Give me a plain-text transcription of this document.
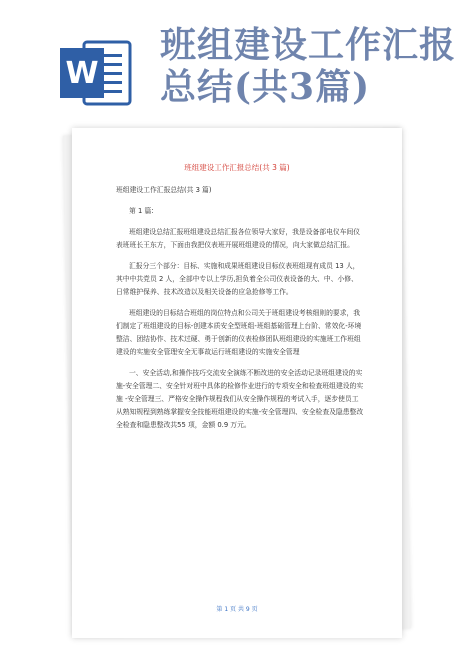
W
班组建设工作汇报
总结(共3篇)
班组建设工作汇报总结(共 3 篇)

班组建设工作汇报总结(共 3 篇)

第 1 篇:

班组建设总结汇报班组建设总结汇报各位领导大家好，我是设备部电仪车间仪表班班长王东方，下面由我把仪表班开展班组建设的情况，向大家做总结汇报。

汇报分三个部分：目标、实施和成果班组建设目标仪表班组现有成员 13 人，其中中共党员 2 人，全部中专以上学历,担负着全公司仪表设备的大、中、小修、日常维护保养、技术改造以及相关设备的应急抢修等工作。

班组建设的目标结合班组的岗位特点和公司关于班组建设考核细则的要求，我们制定了班组建设的目标-创建本质安全型班组-班组基础管理上台阶、常效化-环境整洁、团结协作、技术过硬、勇于创新的仪表检修团队班组建设的实施班工作班组建设的实施安全管理安全无事故运行班组建设的实施安全管理

一、安全活动,和操作技巧交流安全演练不断改进的安全活动记录班组建设的实施-安全管理二、安全针对班中具体的检修作业进行的专项安全和检查班组建设的实施 -安全管理三、严格安全操作规程我们从安全操作规程的考试入手，逐步使员工从熟知规程到熟练掌握安全技能班组建设的实施-安全管理四、安全检查及隐患整改全检查和隐患整改共55 项，金额 0.9 万元。

第 1 页 共 9 页
